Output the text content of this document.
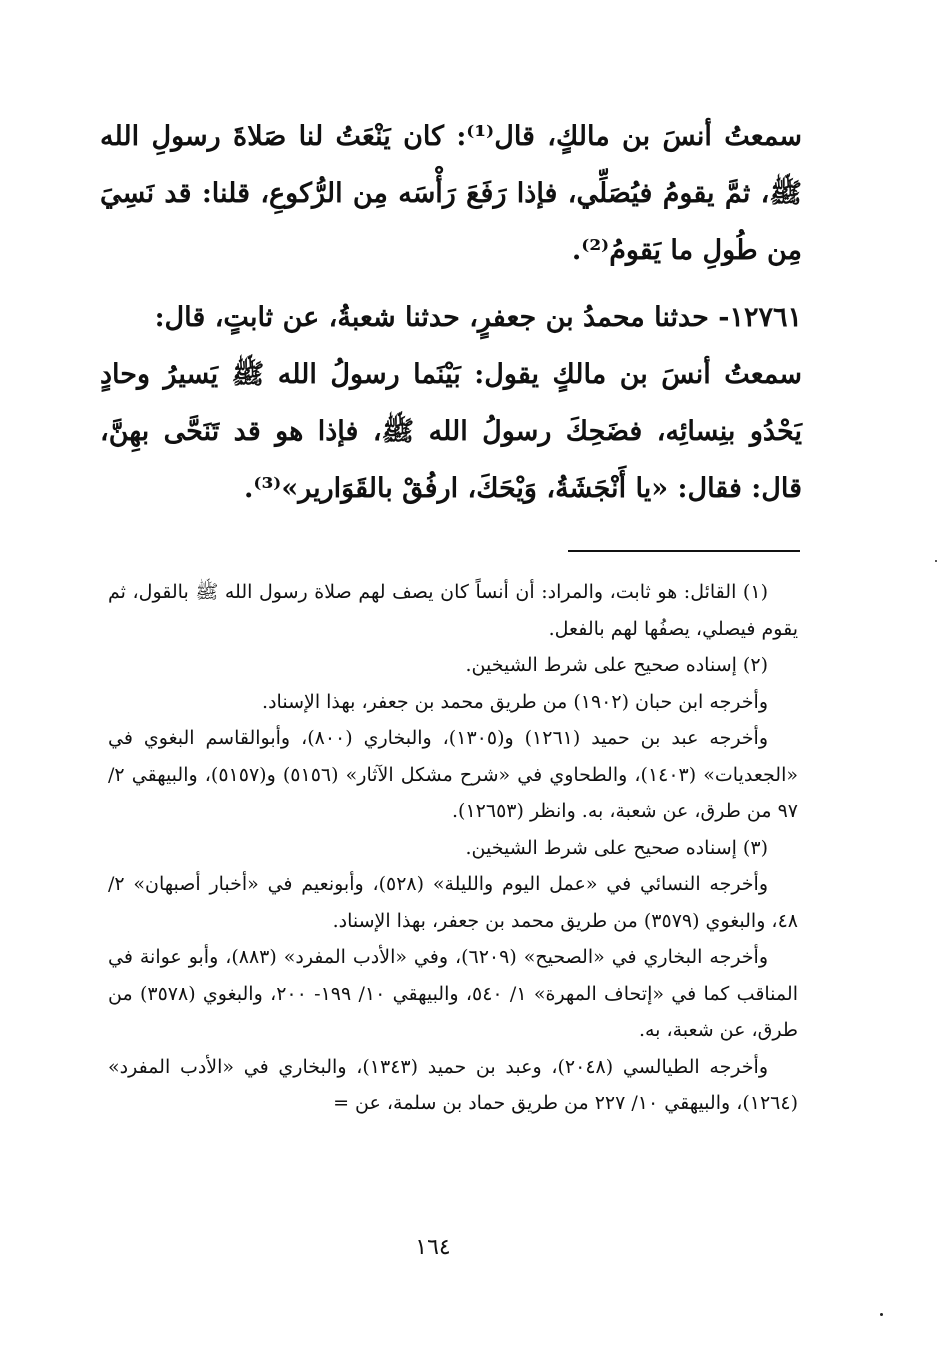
سمعتُ أنسَ بن مالكٍ، قال⁽¹⁾: كان يَنْعَتُ لنا صَلاةَ رسولِ الله ﷺ، ثمَّ يقومُ فيُصَلِّي، فإذا رَفَعَ رَأْسَه مِن الرُّكوعِ، قلنا: قد نَسِيَ مِن طُولِ ما يَقومُ⁽²⁾.

١٢٧٦١- حدثنا محمدُ بن جعفرٍ، حدثنا شعبةُ، عن ثابتٍ، قال:

سمعتُ أنسَ بن مالكٍ يقول: بَيْنَما رسولُ الله ﷺ يَسيرُ وحادٍ يَحْدُو بنِسائِه، فضَحِكَ رسولُ الله ﷺ، فإذا هو قد تَنَحَّى بهِنَّ، قال: فقال: «يا أَنْجَشَةُ، وَيْحَكَ، ارفُقْ بالقَوَارير»⁽³⁾.

(١) القائل: هو ثابت، والمراد: أن أنساً كان يصف لهم صلاة رسول الله ﷺ بالقول، ثم يقوم فيصلي، يصفُها لهم بالفعل.

(٢) إسناده صحيح على شرط الشيخين.

وأخرجه ابن حبان (١٩٠٢) من طريق محمد بن جعفر، بهذا الإسناد.

وأخرجه عبد بن حميد (١٢٦١) و(١٣٠٥)، والبخاري (٨٠٠)، وأبوالقاسم البغوي في «الجعديات» (١٤٠٣)، والطحاوي في «شرح مشكل الآثار» (٥١٥٦) و(٥١٥٧)، والبيهقي ٢/ ٩٧ من طرق، عن شعبة، به. وانظر (١٢٦٥٣).

(٣) إسناده صحيح على شرط الشيخين.

وأخرجه النسائي في «عمل اليوم والليلة» (٥٢٨)، وأبونعيم في «أخبار أصبهان» ٢/ ٤٨، والبغوي (٣٥٧٩) من طريق محمد بن جعفر، بهذا الإسناد.

وأخرجه البخاري في «الصحيح» (٦٢٠٩)، وفي «الأدب المفرد» (٨٨٣)، وأبو عوانة في المناقب كما في «إتحاف المهرة» ١/ ٥٤٠، والبيهقي ١٠/ ١٩٩- ٢٠٠، والبغوي (٣٥٧٨) من طرق، عن شعبة، به.

وأخرجه الطيالسي (٢٠٤٨)، وعبد بن حميد (١٣٤٣)، والبخاري في «الأدب المفرد» (١٢٦٤)، والبيهقي ١٠/ ٢٢٧ من طريق حماد بن سلمة، عن =

١٦٤
